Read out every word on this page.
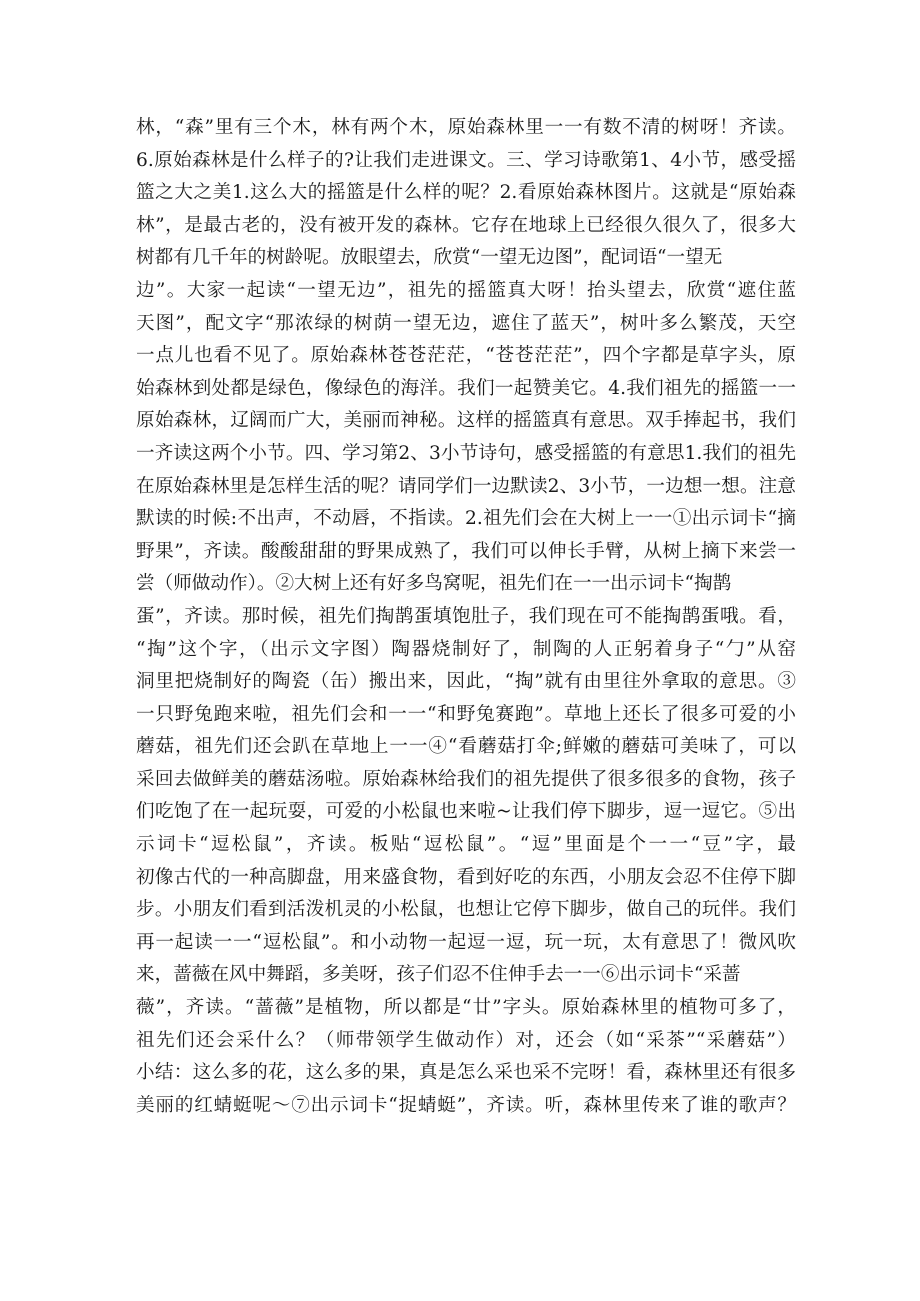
林，“森”里有三个木，林有两个木，原始森林里一一有数不清的树呀！齐读。
6.原始森林是什么样子的?让我们走进课文。三、学习诗歌第1、4小节，感受摇
篮之大之美1.这么大的摇篮是什么样的呢？2.看原始森林图片。这就是“原始森
林”，是最古老的，没有被开发的森林。它存在地球上已经很久很久了，很多大
树都有几千年的树龄呢。放眼望去，欣赏“一望无边图”，配词语“一望无
边”。大家一起读“一望无边”，祖先的摇篮真大呀！抬头望去，欣赏“遮住蓝
天图”，配文字“那浓绿的树荫一望无边，遮住了蓝天”，树叶多么繁茂，天空
一点儿也看不见了。原始森林苍苍茫茫，“苍苍茫茫”，四个字都是草字头，原
始森林到处都是绿色，像绿色的海洋。我们一起赞美它。4.我们祖先的摇篮一一
原始森林，辽阔而广大，美丽而神秘。这样的摇篮真有意思。双手捧起书，我们
一齐读这两个小节。四、学习第2、3小节诗句，感受摇篮的有意思1.我们的祖先
在原始森林里是怎样生活的呢？请同学们一边默读2、3小节，一边想一想。注意
默读的时候:不出声，不动唇，不指读。2.祖先们会在大树上一一①出示词卡“摘
野果”，齐读。酸酸甜甜的野果成熟了，我们可以伸长手臂，从树上摘下来尝一
尝（师做动作）。②大树上还有好多鸟窝呢，祖先们在一一出示词卡“掏鹊
蛋”，齐读。那时候，祖先们掏鹊蛋填饱肚子，我们现在可不能掏鹊蛋哦。看，
“掏”这个字，（出示文字图）陶器烧制好了，制陶的人正躬着身子“勹”从窑
洞里把烧制好的陶瓷（缶）搬出来，因此，“掏”就有由里往外拿取的意思。③
一只野兔跑来啦，祖先们会和一一“和野兔赛跑”。草地上还长了很多可爱的小
蘑菇，祖先们还会趴在草地上一一④“看蘑菇打伞;鲜嫩的蘑菇可美味了，可以
采回去做鲜美的蘑菇汤啦。原始森林给我们的祖先提供了很多很多的食物，孩子
们吃饱了在一起玩耍，可爱的小松鼠也来啦~让我们停下脚步，逗一逗它。⑤出
示词卡“逗松鼠”，齐读。板贴“逗松鼠”。“逗”里面是个一一“豆”字，最
初像古代的一种高脚盘，用来盛食物，看到好吃的东西，小朋友会忍不住停下脚
步。小朋友们看到活泼机灵的小松鼠，也想让它停下脚步，做自己的玩伴。我们
再一起读一一“逗松鼠”。和小动物一起逗一逗，玩一玩，太有意思了！微风吹
来，蔷薇在风中舞蹈，多美呀，孩子们忍不住伸手去一一⑥出示词卡“采蔷
薇”，齐读。“蔷薇”是植物，所以都是“廿”字头。原始森林里的植物可多了，
祖先们还会采什么？（师带领学生做动作）对，还会（如“采茶”“采蘑菇”）
小结：这么多的花，这么多的果，真是怎么采也采不完呀！看，森林里还有很多
美丽的红蜻蜓呢～⑦出示词卡“捉蜻蜓”，齐读。听，森林里传来了谁的歌声？
